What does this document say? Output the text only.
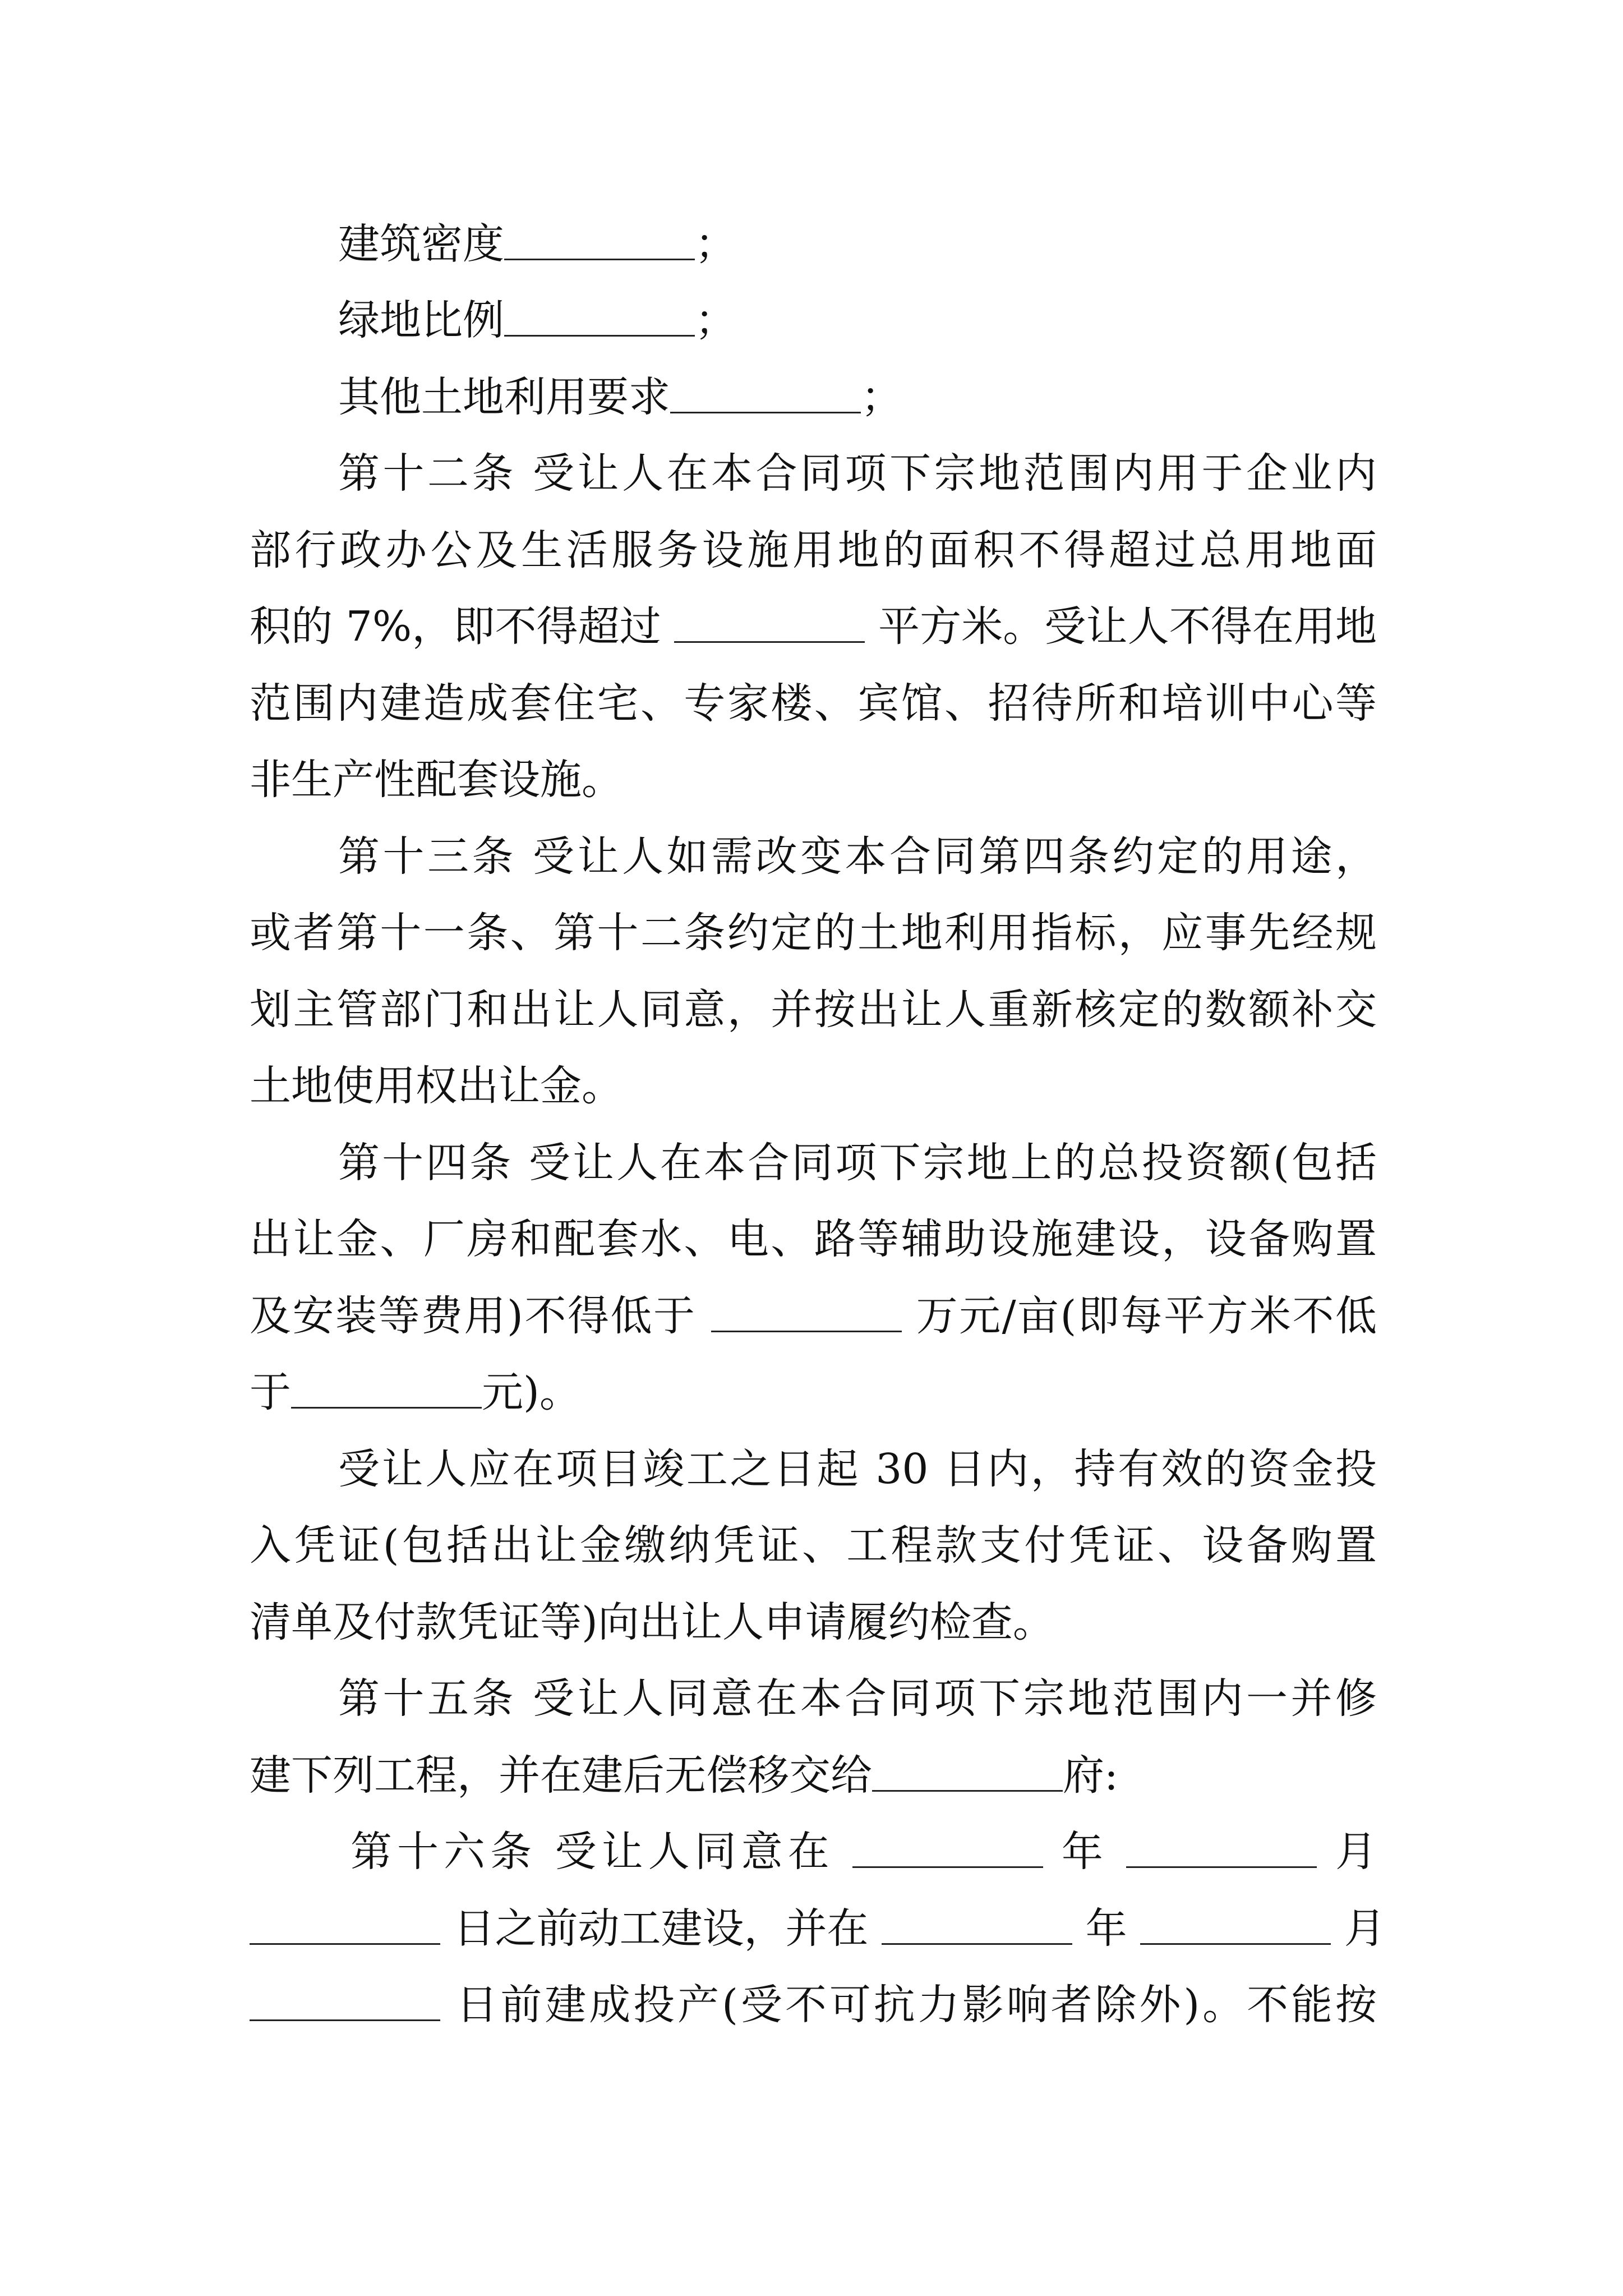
建筑密度	；
绿地比例	；
其他土地利用要求	；
第十二条 受让人在本合同项下宗地范围内用于企业内
部行政办公及生活服务设施用地的面积不得超过总用地面
积的 7%，即不得超过	平方米。受让人不得在用地
范围内建造成套住宅、专家楼、宾馆、招待所和培训中心等
非生产性配套设施。
第十三条 受让人如需改变本合同第四条约定的用途，
或者第十一条、第十二条约定的土地利用指标，应事先经规
划主管部门和出让人同意，并按出让人重新核定的数额补交
土地使用权出让金。
第十四条 受让人在本合同项下宗地上的总投资额(包括
出让金、厂房和配套水、电、路等辅助设施建设，设备购置
及安装等费用)不得低于	万元/亩(即每平方米不低
于	元)。
受让人应在项目竣工之日起 30 日内，持有效的资金投
入凭证(包括出让金缴纳凭证、工程款支付凭证、设备购置
清单及付款凭证等)向出让人申请履约检查。
第十五条 受让人同意在本合同项下宗地范围内一并修
建下列工程，并在建后无偿移交给	府:
第十六条 受让人同意在	年	月
日之前动工建设，并在	年	月
日前建成投产(受不可抗力影响者除外)。不能按
